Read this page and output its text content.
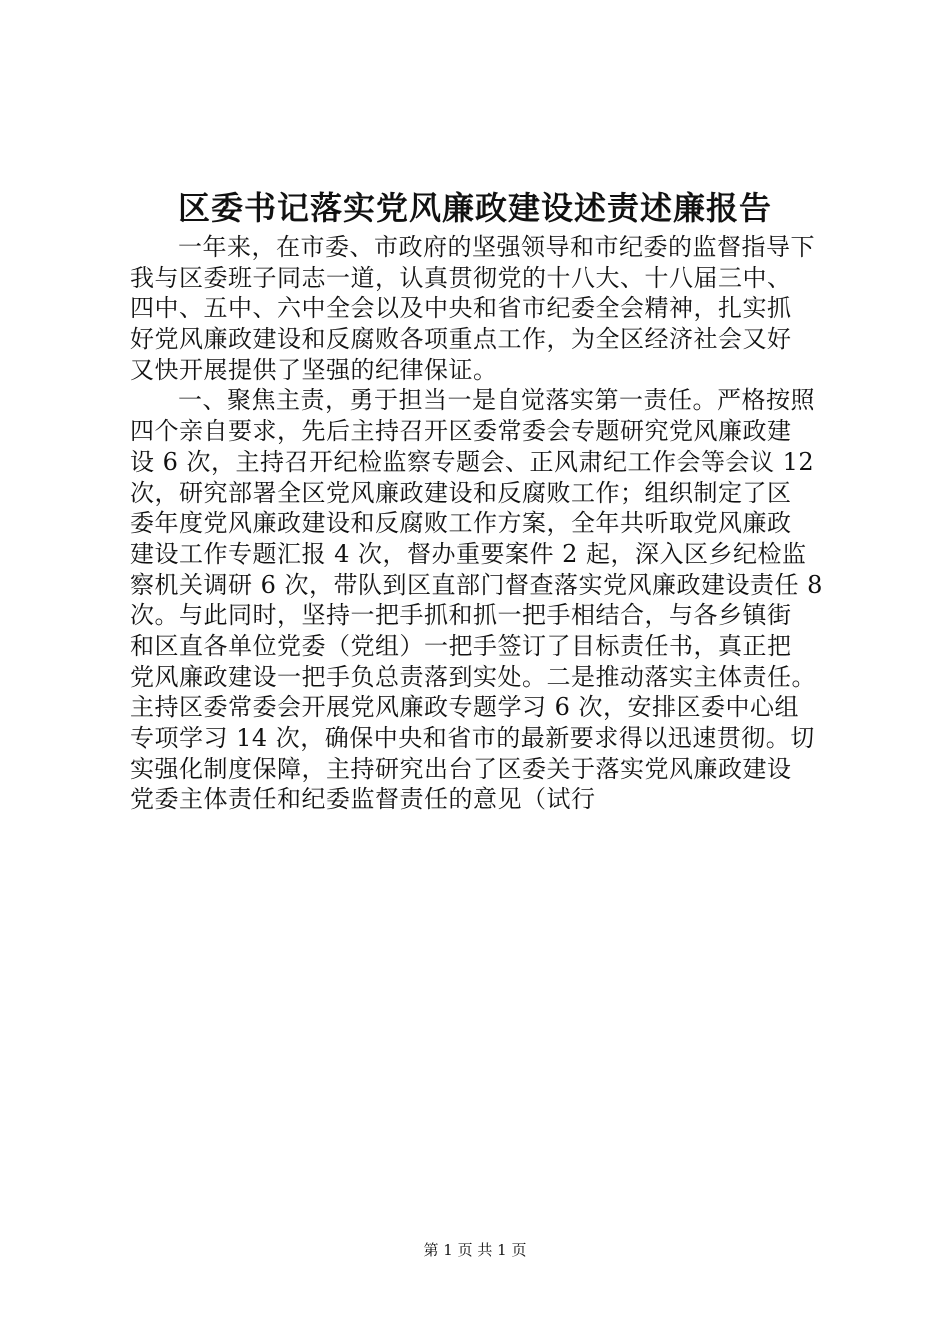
区委书记落实党风廉政建设述责述廉报告
一年来，在市委、市政府的坚强领导和市纪委的监督指导下
我与区委班子同志一道，认真贯彻党的十八大、十八届三中、
四中、五中、六中全会以及中央和省市纪委全会精神，扎实抓
好党风廉政建设和反腐败各项重点工作，为全区经济社会又好
又快开展提供了坚强的纪律保证。
一、聚焦主责，勇于担当一是自觉落实第一责任。严格按照
四个亲自要求，先后主持召开区委常委会专题研究党风廉政建
设 6 次，主持召开纪检监察专题会、正风肃纪工作会等会议 12
次，研究部署全区党风廉政建设和反腐败工作；组织制定了区
委年度党风廉政建设和反腐败工作方案，全年共听取党风廉政
建设工作专题汇报 4 次，督办重要案件 2 起，深入区乡纪检监
察机关调研 6 次，带队到区直部门督查落实党风廉政建设责任 8
次。与此同时，坚持一把手抓和抓一把手相结合，与各乡镇街
和区直各单位党委（党组）一把手签订了目标责任书，真正把
党风廉政建设一把手负总责落到实处。二是推动落实主体责任。
主持区委常委会开展党风廉政专题学习 6 次，安排区委中心组
专项学习 14 次，确保中央和省市的最新要求得以迅速贯彻。切
实强化制度保障，主持研究出台了区委关于落实党风廉政建设
党委主体责任和纪委监督责任的意见（试行
第 1 页 共 1 页
